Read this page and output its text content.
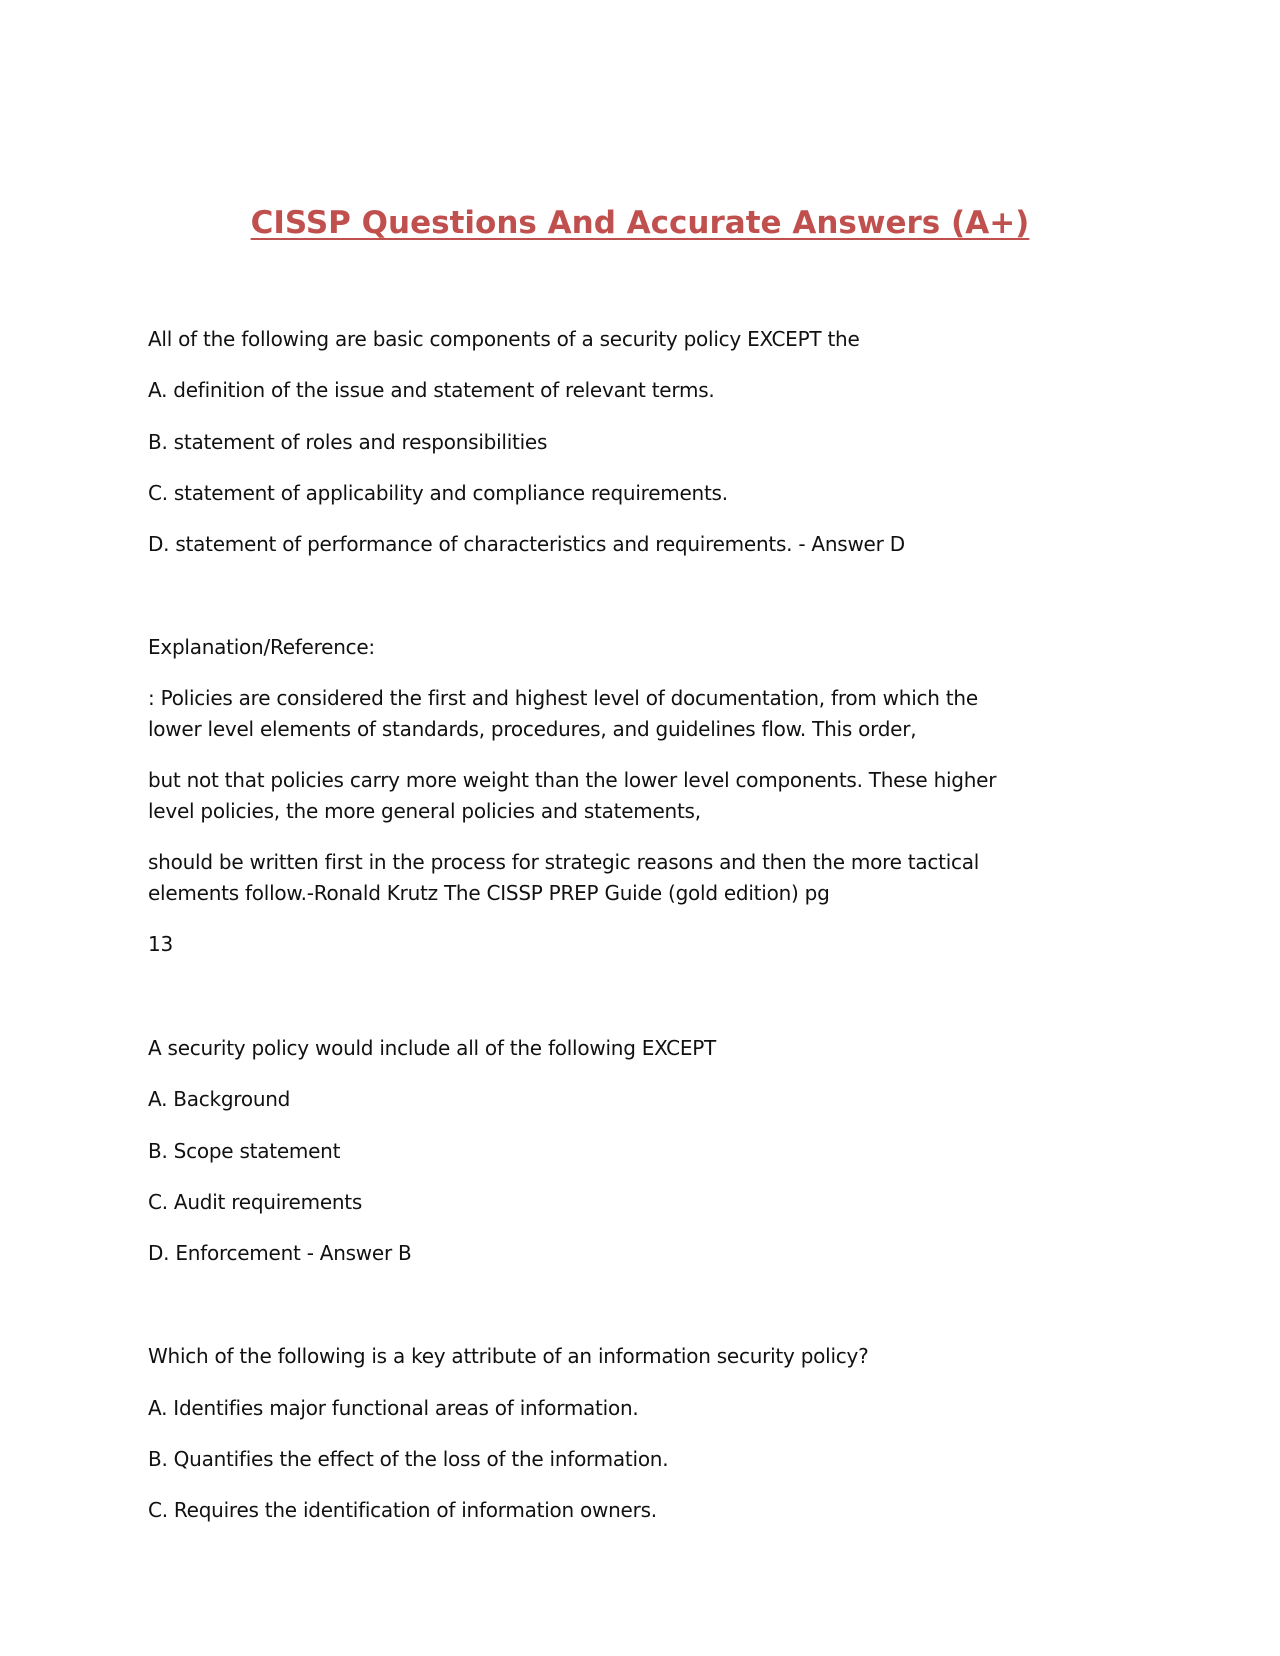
CISSP Questions And Accurate Answers (A+)
All of the following are basic components of a security policy EXCEPT the
A. definition of the issue and statement of relevant terms.
B. statement of roles and responsibilities
C. statement of applicability and compliance requirements.
D. statement of performance of characteristics and requirements. - Answer D
Explanation/Reference:
: Policies are considered the first and highest level of documentation, from which the
lower level elements of standards, procedures, and guidelines flow. This order,
but not that policies carry more weight than the lower level components. These higher
level policies, the more general policies and statements,
should be written first in the process for strategic reasons and then the more tactical
elements follow.-Ronald Krutz The CISSP PREP Guide (gold edition) pg
13
A security policy would include all of the following EXCEPT
A. Background
B. Scope statement
C. Audit requirements
D. Enforcement - Answer B
Which of the following is a key attribute of an information security policy?
A. Identifies major functional areas of information.
B. Quantifies the effect of the loss of the information.
C. Requires the identification of information owners.
